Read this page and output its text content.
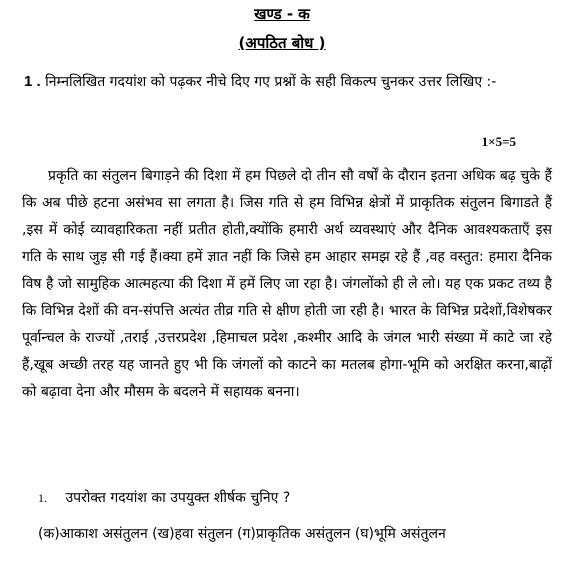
खण्ड - क
(अपठित बोध )
1 . निम्नलिखित गदयांश को पढ़कर नीचे दिए गए प्रश्नों के सही विकल्प चुनकर उत्तर लिखिए :-
1×5=5
प्रकृति का संतुलन बिगाड़ने की दिशा में हम पिछले दो तीन सौ वर्षों के दौरान इतना अधिक बढ़ चुके हैं कि अब पीछे हटना असंभव सा लगता है। जिस गति से हम विभिन्न क्षेत्रों में प्राकृतिक संतुलन बिगाडते हैं ,इस में कोई व्यावहारिकता नहीं प्रतीत होती,क्योंकि हमारी अर्थ व्यवस्थाएं और दैनिक आवश्यकताएँ इस गति के साथ जुड़ सी गई हैं।क्या हमें ज्ञात नहीं कि जिसे हम आहार समझ रहे हैं ,वह वस्तुत: हमारा दैनिक विष है जो सामुहिक आत्महत्या की दिशा में हमें लिए जा रहा है। जंगलोंको ही ले लो। यह एक प्रकट तथ्य है कि विभिन्न देशों की वन-संपत्ति अत्यंत तीव्र गति से क्षीण होती जा रही है। भारत के विभिन्न प्रदेशों,विशेषकर पूर्वान्चल के राज्यों ,तराई ,उत्तरप्रदेश ,हिमाचल प्रदेश ,कश्मीर आदि के जंगल भारी संख्या में काटे जा रहे हैं,खूब अच्छी तरह यह जानते हुए भी कि जंगलों को काटने का मतलब होगा-भूमि को अरक्षित करना,बाढ़ों को बढ़ावा देना और मौसम के बदलने में सहायक बनना।
1. उपरोक्त गदयांश का उपयुक्त शीर्षक चुनिए ?
(क)आकाश असंतुलन (ख)हवा संतुलन (ग)प्राकृतिक असंतुलन (घ)भूमि असंतुलन
